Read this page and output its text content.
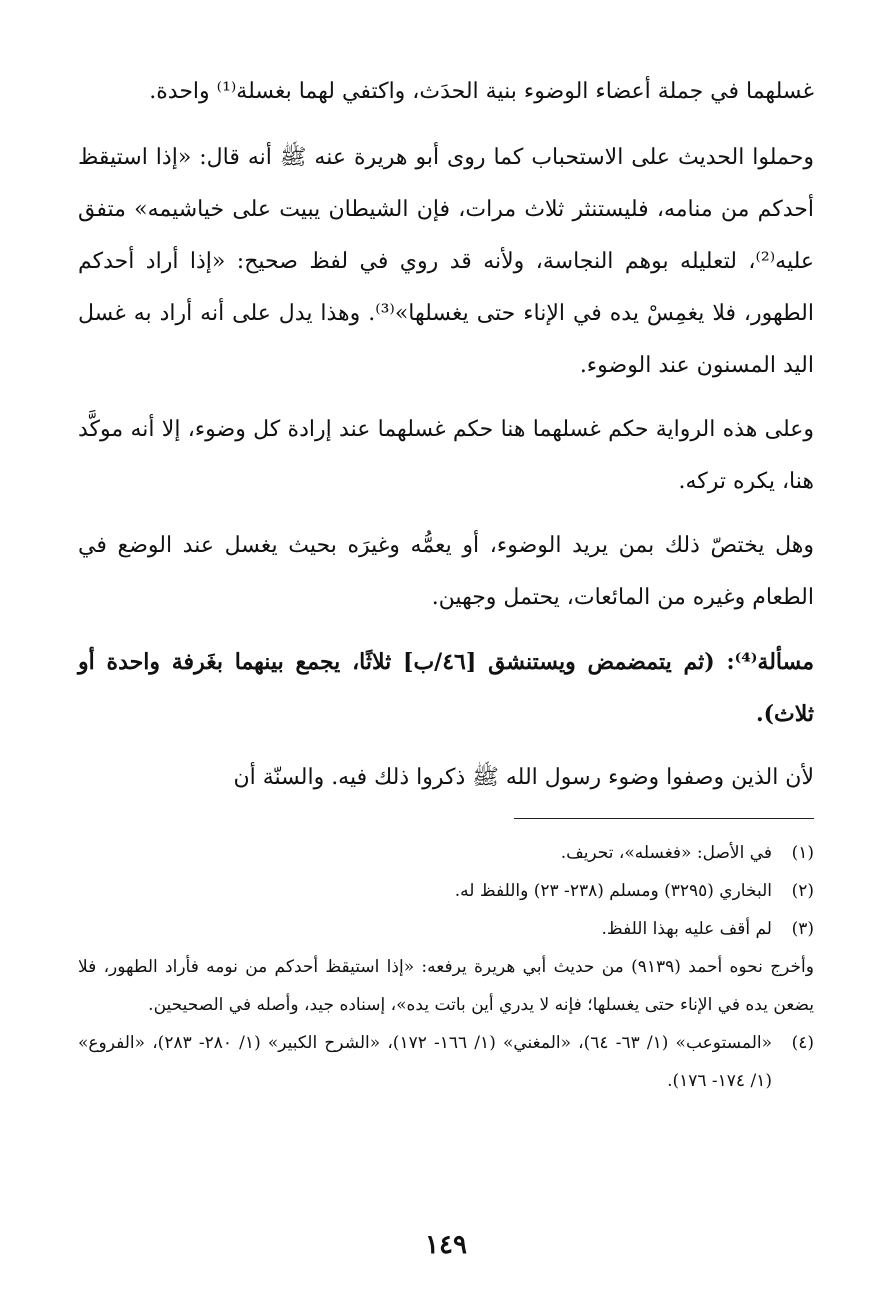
غسلهما في جملة أعضاء الوضوء بنية الحدَث، واكتفي لهما بغسلة⁽¹⁾ واحدة.

وحملوا الحديث على الاستحباب كما روى أبو هريرة عنه ﷺ أنه قال: «إذا استيقظ أحدكم من منامه، فليستنثر ثلاث مرات، فإن الشيطان يبيت على خياشيمه» متفق عليه⁽²⁾، لتعليله بوهم النجاسة، ولأنه قد روي في لفظ صحيح: «إذا أراد أحدكم الطهور، فلا يغمِسْ يده في الإناء حتى يغسلها»⁽³⁾. وهذا يدل على أنه أراد به غسل اليد المسنون عند الوضوء.

وعلى هذه الرواية حكم غسلهما هنا حكم غسلهما عند إرادة كل وضوء، إلا أنه موكَّد هنا، يكره تركه.

وهل يختصّ ذلك بمن يريد الوضوء، أو يعمُّه وغيرَه بحيث يغسل عند الوضع في الطعام وغيره من المائعات، يحتمل وجهين.

مسألة⁽⁴⁾: (ثم يتمضمض ويستنشق [٤٦/ب] ثلاثًا، يجمع بينهما بغَرفة واحدة أو ثلاث).

لأن الذين وصفوا وضوء رسول الله ﷺ ذكروا ذلك فيه. والسنّة أن

(١)
في الأصل: «فغسله»، تحريف.
(٢)
البخاري (٣٢٩٥) ومسلم (٢٣٨- ٢٣) واللفظ له.
(٣)
لم أقف عليه بهذا اللفظ.
وأخرج نحوه أحمد (٩١٣٩) من حديث أبي هريرة يرفعه: «إذا استيقظ أحدكم من نومه فأراد الطهور، فلا يضعن يده في الإناء حتى يغسلها؛ فإنه لا يدري أين باتت يده»، إسناده جيد، وأصله في الصحيحين.
(٤)
«المستوعب» (١/ ٦٣- ٦٤)، «المغني» (١/ ١٦٦- ١٧٢)، «الشرح الكبير» (١/ ٢٨٠- ٢٨٣)، «الفروع» (١/ ١٧٤- ١٧٦).
١٤٩
